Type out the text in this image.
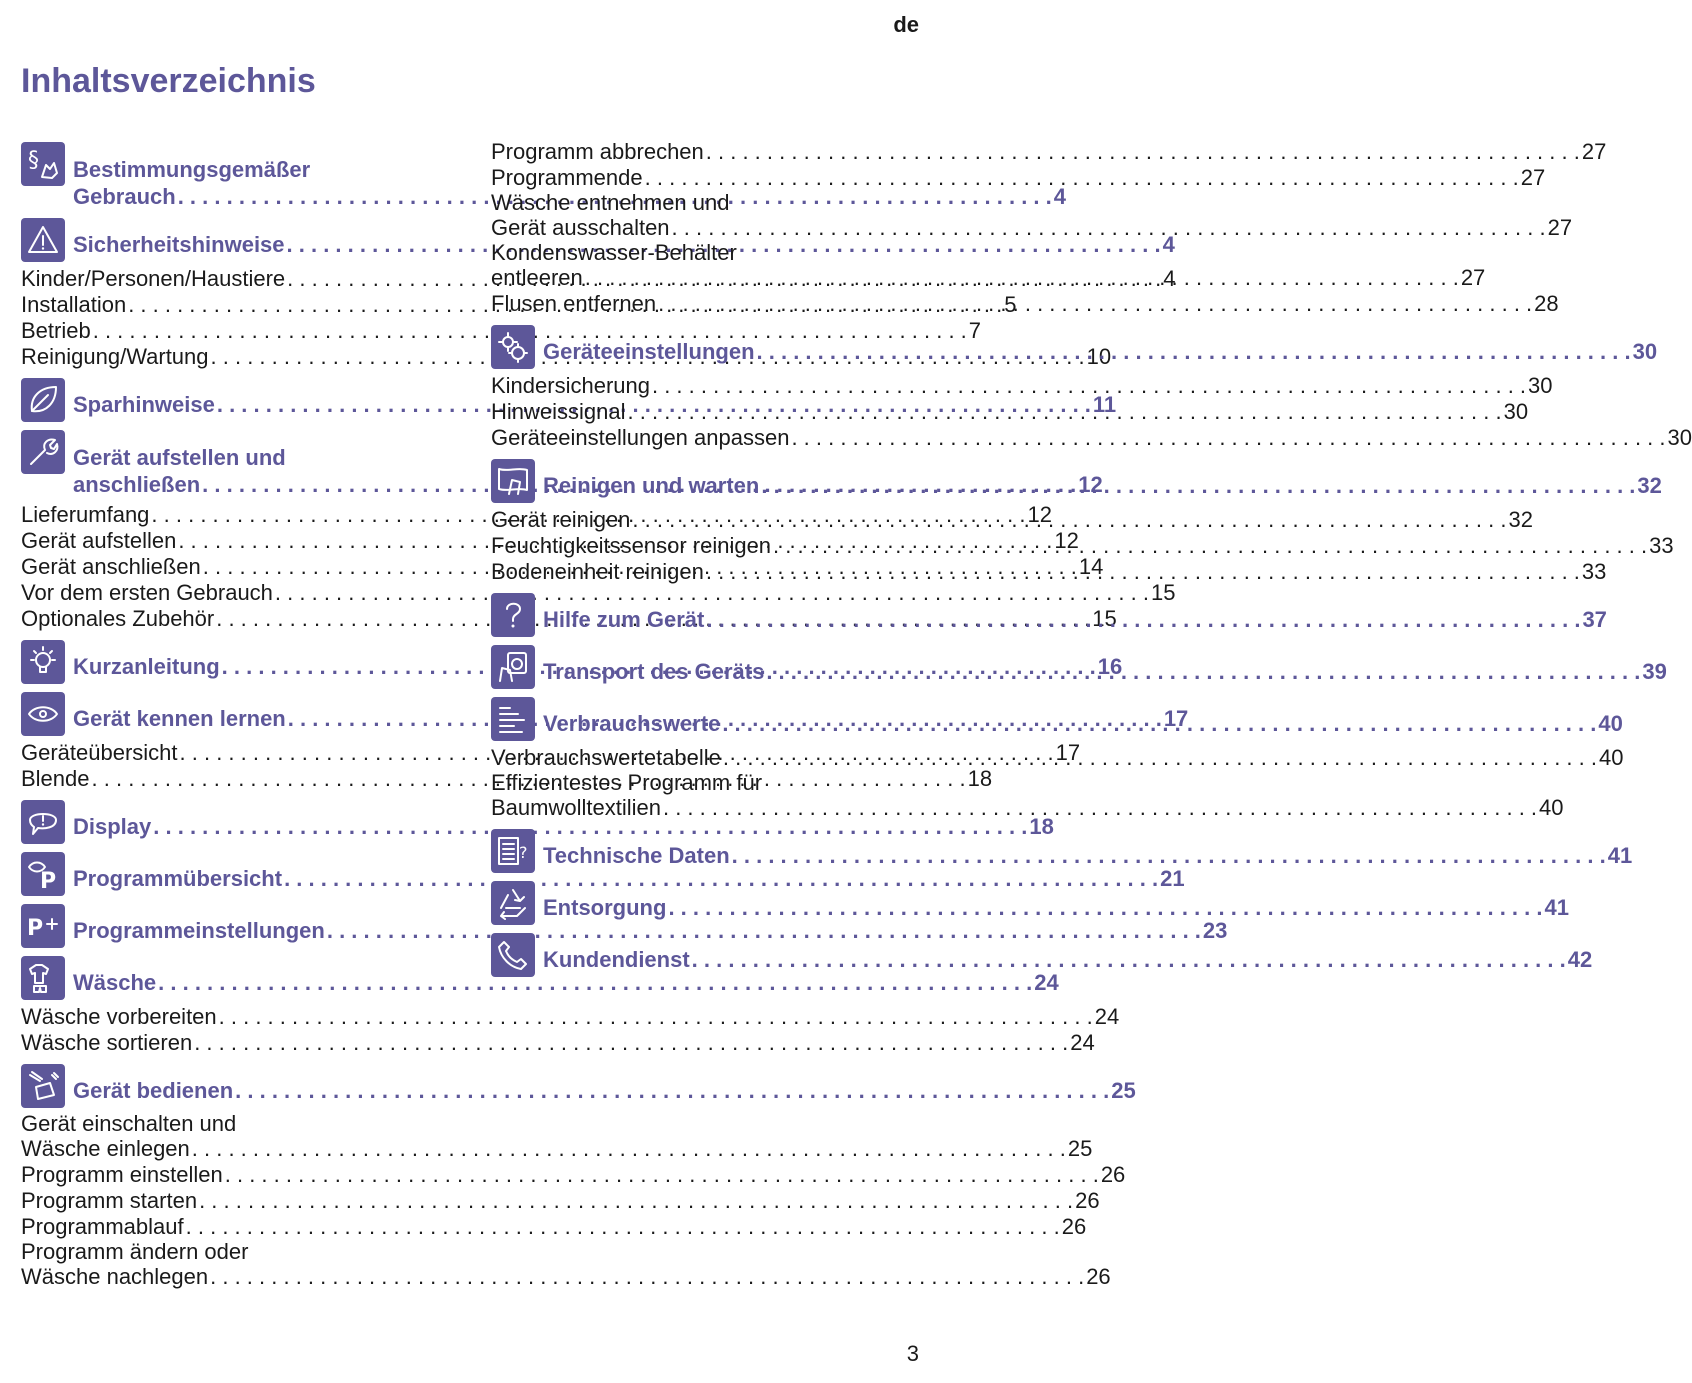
de
Inhaltsverzeichnis
§ Bestimmungsgemäßer
Gebrauch . . .	4
Sicherheitshinweise . . .	4
Kinder/Personen/Haustiere . . .	4
Installation . . .	5
Betrieb . . .	7
Reinigung/Wartung . . .	10
Sparhinweise . . .	11
Gerät aufstellen und
anschließen . . .	12
Lieferumfang . . .	12
Gerät aufstellen . . .	12
Gerät anschließen . . .	14
Vor dem ersten Gebrauch . . .	15
Optionales Zubehör . . .	15
Kurzanleitung . . .	16
Gerät kennen lernen . . .	17
Geräteübersicht . . .	17
Blende . . .	18
Display . . .	18
P Programmübersicht . . .	21
P Programmeinstellungen . . .	23
Wäsche . . .	24
Wäsche vorbereiten . . .	24
Wäsche sortieren . . .	24
Gerät bedienen . . .	25
Gerät einschalten und
Wäsche einlegen . . .	25
Programm einstellen . . .	26
Programm starten . . .	26
Programmablauf . . .	26
Programm ändern oder
Wäsche nachlegen . . .	26
Programm abbrechen . . .	27
Programmende . . .	27
Wäsche entnehmen und
Gerät ausschalten . . .	27
Kondenswasser-Behälter
entleeren . . .	27
Flusen entfernen . . .	28
Geräteeinstellungen . . .	30
Kindersicherung . . .	30
Hinweissignal . . .	30
Geräteeinstellungen anpassen . . .	30
Reinigen und warten . . .	32
Gerät reinigen . . .	32
Feuchtigkeitssensor reinigen . . .	33
Bodeneinheit reinigen . . .	33
Hilfe zum Gerät . . .	37
Transport des Geräts . . .	39
Verbrauchswerte . . .	40
Verbrauchswertetabelle . . .	40
Effizientestes Programm für
Baumwolltextilien . . .	40
? Technische Daten . . .	41
Entsorgung . . .	41
Kundendienst . . .	42
3
